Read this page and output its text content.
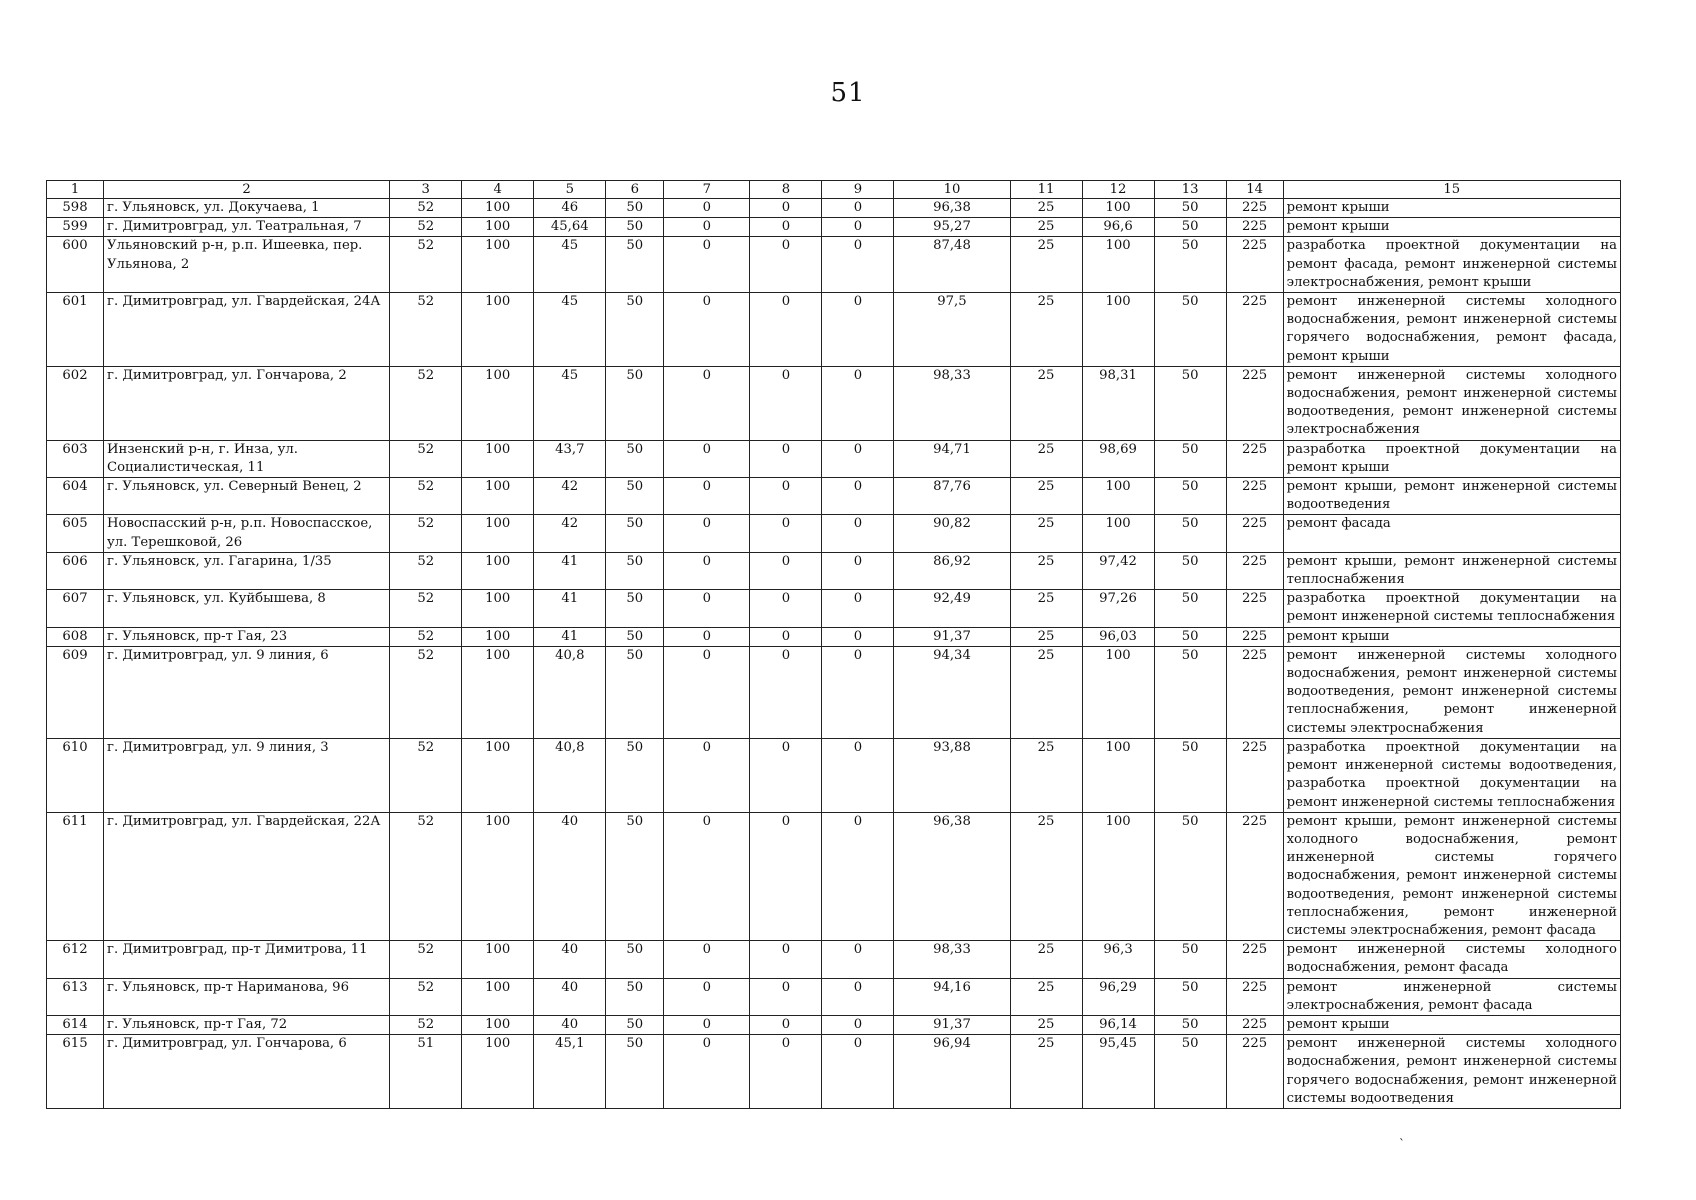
51
1	2	3	4	5	6	7	8	9	10	11	12	13	14	15
598	г. Ульяновск, ул. Докучаева, 1	52	100	46	50	0	0	0	96,38	25	100	50	225	ремонт крыши
599	г. Димитровград, ул. Театральная, 7	52	100	45,64	50	0	0	0	95,27	25	96,6	50	225	ремонт крыши
600	Ульяновский р-н, р.п. Ишеевка, пер. Ульянова, 2	52	100	45	50	0	0	0	87,48	25	100	50	225	разработка проектной документации на ремонт фасада, ремонт инженерной системы электроснабжения, ремонт крыши
601	г. Димитровград, ул. Гвардейская, 24А	52	100	45	50	0	0	0	97,5	25	100	50	225	ремонт инженерной системы холодного водоснабжения, ремонт инженерной системы горячего водоснабжения, ремонт фасада, ремонт крыши
602	г. Димитровград, ул. Гончарова, 2	52	100	45	50	0	0	0	98,33	25	98,31	50	225	ремонт инженерной системы холодного водоснабжения, ремонт инженерной системы водоотведения, ремонт инженерной системы электроснабжения
603	Инзенский р-н, г. Инза, ул. Социалистическая, 11	52	100	43,7	50	0	0	0	94,71	25	98,69	50	225	разработка проектной документации на ремонт крыши
604	г. Ульяновск, ул. Северный Венец, 2	52	100	42	50	0	0	0	87,76	25	100	50	225	ремонт крыши, ремонт инженерной системы водоотведения
605	Новоспасский р-н, р.п. Новоспасское, ул. Терешковой, 26	52	100	42	50	0	0	0	90,82	25	100	50	225	ремонт фасада
606	г. Ульяновск, ул. Гагарина, 1/35	52	100	41	50	0	0	0	86,92	25	97,42	50	225	ремонт крыши, ремонт инженерной системы теплоснабжения
607	г. Ульяновск, ул. Куйбышева, 8	52	100	41	50	0	0	0	92,49	25	97,26	50	225	разработка проектной документации на ремонт инженерной системы теплоснабжения
608	г. Ульяновск, пр-т Гая, 23	52	100	41	50	0	0	0	91,37	25	96,03	50	225	ремонт крыши
609	г. Димитровград, ул. 9 линия, 6	52	100	40,8	50	0	0	0	94,34	25	100	50	225	ремонт инженерной системы холодного водоснабжения, ремонт инженерной системы водоотведения, ремонт инженерной системы теплоснабжения, ремонт инженерной системы электроснабжения
610	г. Димитровград, ул. 9 линия, 3	52	100	40,8	50	0	0	0	93,88	25	100	50	225	разработка проектной документации на ремонт инженерной системы водоотведения, разработка проектной документации на ремонт инженерной системы теплоснабжения
611	г. Димитровград, ул. Гвардейская, 22А	52	100	40	50	0	0	0	96,38	25	100	50	225	ремонт крыши, ремонт инженерной системы холодного водоснабжения, ремонт инженерной системы горячего водоснабжения, ремонт инженерной системы водоотведения, ремонт инженерной системы теплоснабжения, ремонт инженерной системы электроснабжения, ремонт фасада
612	г. Димитровград, пр-т Димитрова, 11	52	100	40	50	0	0	0	98,33	25	96,3	50	225	ремонт инженерной системы холодного водоснабжения, ремонт фасада
613	г. Ульяновск, пр-т Нариманова, 96	52	100	40	50	0	0	0	94,16	25	96,29	50	225	ремонт инженерной системы электроснабжения, ремонт фасада
614	г. Ульяновск, пр-т Гая, 72	52	100	40	50	0	0	0	91,37	25	96,14	50	225	ремонт крыши
615	г. Димитровград, ул. Гончарова, 6	51	100	45,1	50	0	0	0	96,94	25	95,45	50	225	ремонт инженерной системы холодного водоснабжения, ремонт инженерной системы горячего водоснабжения, ремонт инженерной системы водоотведения
`
